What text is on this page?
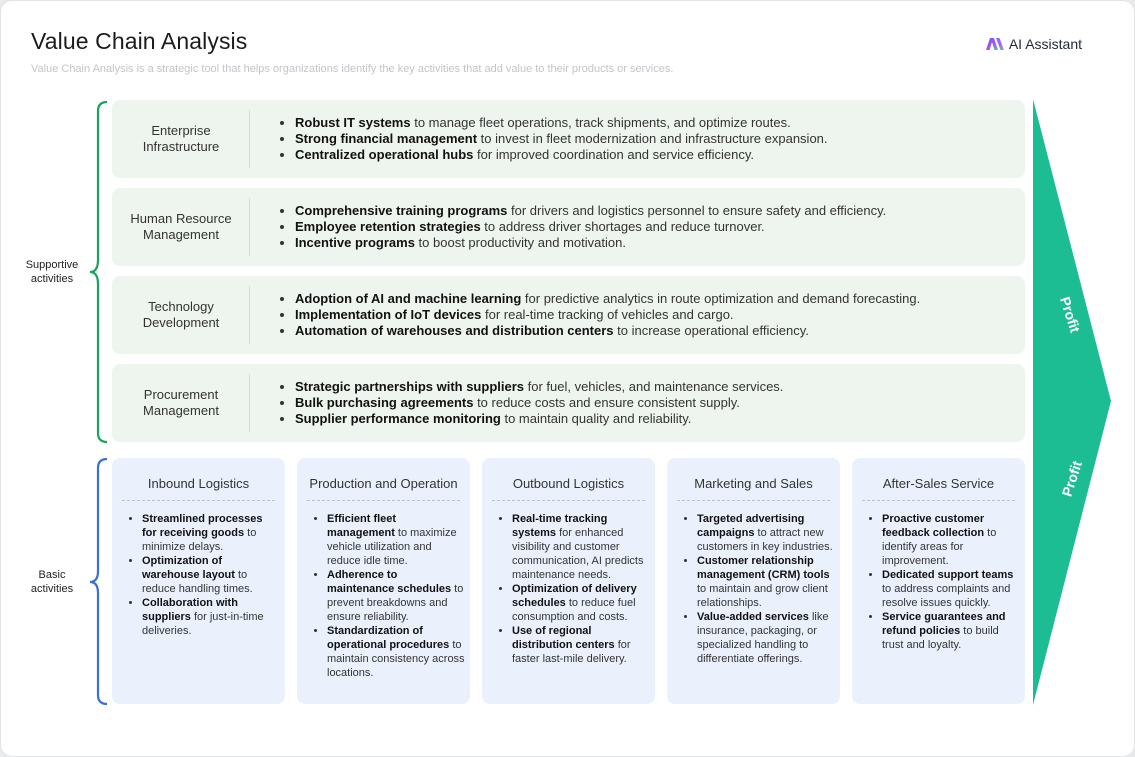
Value Chain Analysis
Value Chain Analysis is a strategic tool that helps organizations identify the key activities that add value to their products or services.
AI Assistant
Supportive activities
Basic activities
Enterprise Infrastructure
• Robust IT systems to manage fleet operations, track shipments, and optimize routes.
• Strong financial management to invest in fleet modernization and infrastructure expansion.
• Centralized operational hubs for improved coordination and service efficiency.
Human Resource Management
• Comprehensive training programs for drivers and logistics personnel to ensure safety and efficiency.
• Employee retention strategies to address driver shortages and reduce turnover.
• Incentive programs to boost productivity and motivation.
Technology Development
• Adoption of AI and machine learning for predictive analytics in route optimization and demand forecasting.
• Implementation of IoT devices for real-time tracking of vehicles and cargo.
• Automation of warehouses and distribution centers to increase operational efficiency.
Procurement Management
• Strategic partnerships with suppliers for fuel, vehicles, and maintenance services.
• Bulk purchasing agreements to reduce costs and ensure consistent supply.
• Supplier performance monitoring to maintain quality and reliability.
Inbound Logistics
• Streamlined processes for receiving goods to minimize delays.
• Optimization of warehouse layout to reduce handling times.
• Collaboration with suppliers for just-in-time deliveries.
Production and Operation
• Efficient fleet management to maximize vehicle utilization and reduce idle time.
• Adherence to maintenance schedules to prevent breakdowns and ensure reliability.
• Standardization of operational procedures to maintain consistency across locations.
Outbound Logistics
• Real-time tracking systems for enhanced visibility and customer communication, AI predicts maintenance needs.
• Optimization of delivery schedules to reduce fuel consumption and costs.
• Use of regional distribution centers for faster last-mile delivery.
Marketing and Sales
• Targeted advertising campaigns to attract new customers in key industries.
• Customer relationship management (CRM) tools to maintain and grow client relationships.
• Value-added services like insurance, packaging, or specialized handling to differentiate offerings.
After-Sales Service
• Proactive customer feedback collection to identify areas for improvement.
• Dedicated support teams to address complaints and resolve issues quickly.
• Service guarantees and refund policies to build trust and loyalty.
Profit
Profit
